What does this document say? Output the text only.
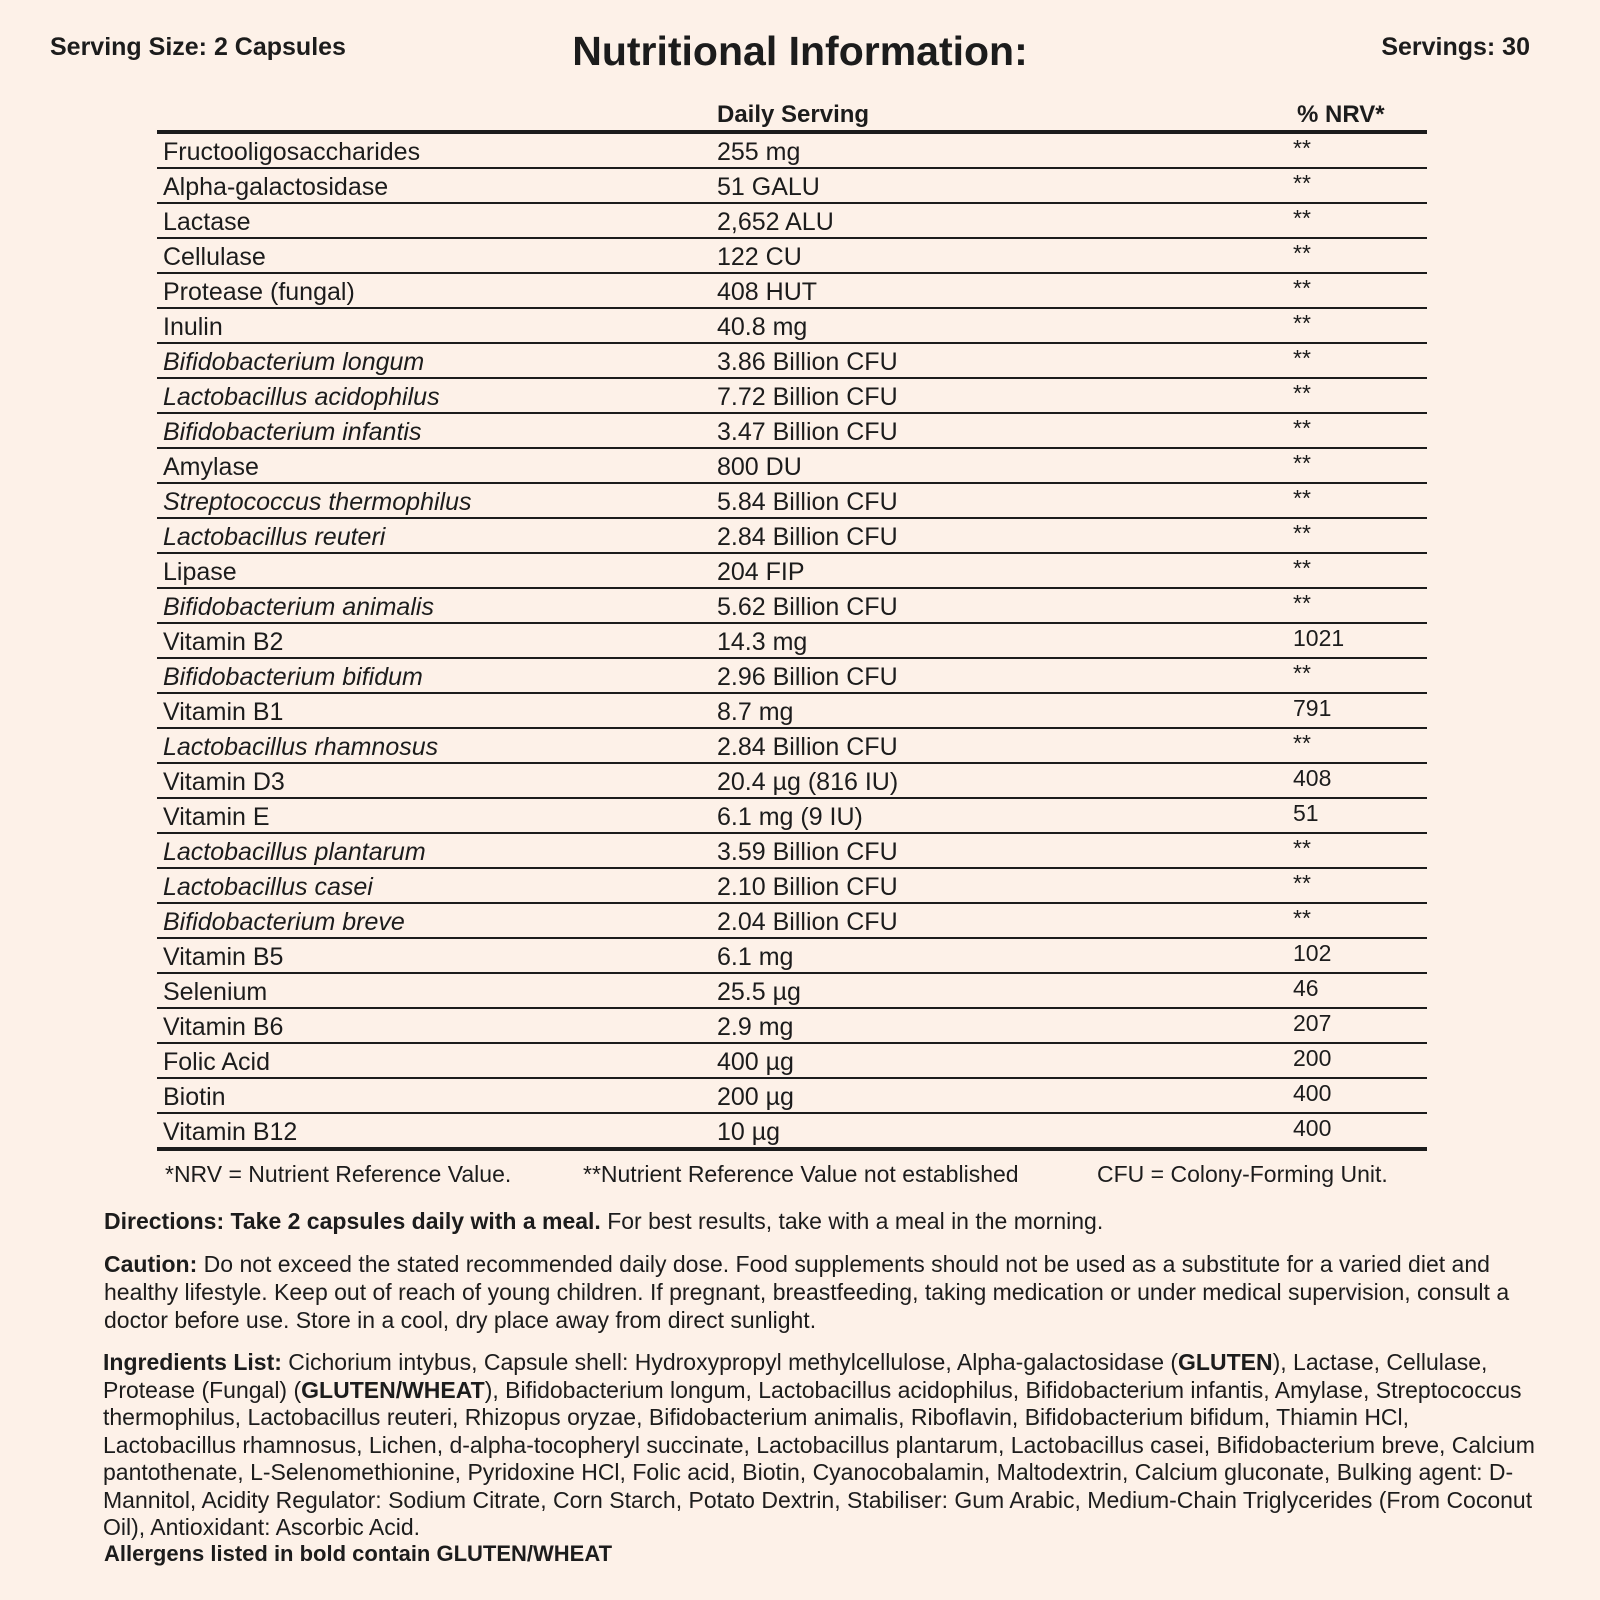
Serving Size: 2 Capsules	Nutritional Information:	Servings: 30
Daily Serving	% NRV*
Fructooligosaccharides	255 mg	**
Alpha-galactosidase	51 GALU	**
Lactase	2,652 ALU	**
Cellulase	122 CU	**
Protease (fungal)	408 HUT	**
Inulin	40.8 mg	**
Bifidobacterium longum	3.86 Billion CFU	**
Lactobacillus acidophilus	7.72 Billion CFU	**
Bifidobacterium infantis	3.47 Billion CFU	**
Amylase	800 DU	**
Streptococcus thermophilus	5.84 Billion CFU	**
Lactobacillus reuteri	2.84 Billion CFU	**
Lipase	204 FIP	**
Bifidobacterium animalis	5.62 Billion CFU	**
Vitamin B2	14.3 mg	1021
Bifidobacterium bifidum	2.96 Billion CFU	**
Vitamin B1	8.7 mg	791
Lactobacillus rhamnosus	2.84 Billion CFU	**
Vitamin D3	20.4 µg (816 IU)	408
Vitamin E	6.1 mg (9 IU)	51
Lactobacillus plantarum	3.59 Billion CFU	**
Lactobacillus casei	2.10 Billion CFU	**
Bifidobacterium breve	2.04 Billion CFU	**
Vitamin B5	6.1 mg	102
Selenium	25.5 µg	46
Vitamin B6	2.9 mg	207
Folic Acid	400 µg	200
Biotin	200 µg	400
Vitamin B12	10 µg	400
*NRV = Nutrient Reference Value.	**Nutrient Reference Value not established	CFU = Colony-Forming Unit.
Directions: Take 2 capsules daily with a meal. For best results, take with a meal in the morning.
Caution: Do not exceed the stated recommended daily dose. Food supplements should not be used as a substitute for a varied diet and healthy lifestyle. Keep out of reach of young children. If pregnant, breastfeeding, taking medication or under medical supervision, consult a doctor before use. Store in a cool, dry place away from direct sunlight.
Ingredients List: Cichorium intybus, Capsule shell: Hydroxypropyl methylcellulose, Alpha-galactosidase (GLUTEN), Lactase, Cellulase, Protease (Fungal) (GLUTEN/WHEAT), Bifidobacterium longum, Lactobacillus acidophilus, Bifidobacterium infantis, Amylase, Streptococcus thermophilus, Lactobacillus reuteri, Rhizopus oryzae, Bifidobacterium animalis, Riboflavin, Bifidobacterium bifidum, Thiamin HCl, Lactobacillus rhamnosus, Lichen, d-alpha-tocopheryl succinate, Lactobacillus plantarum, Lactobacillus casei, Bifidobacterium breve, Calcium pantothenate, L-Selenomethionine, Pyridoxine HCl, Folic acid, Biotin, Cyanocobalamin, Maltodextrin, Calcium gluconate, Bulking agent: D-Mannitol, Acidity Regulator: Sodium Citrate, Corn Starch, Potato Dextrin, Stabiliser: Gum Arabic, Medium-Chain Triglycerides (From Coconut Oil), Antioxidant: Ascorbic Acid.
Allergens listed in bold contain GLUTEN/WHEAT
